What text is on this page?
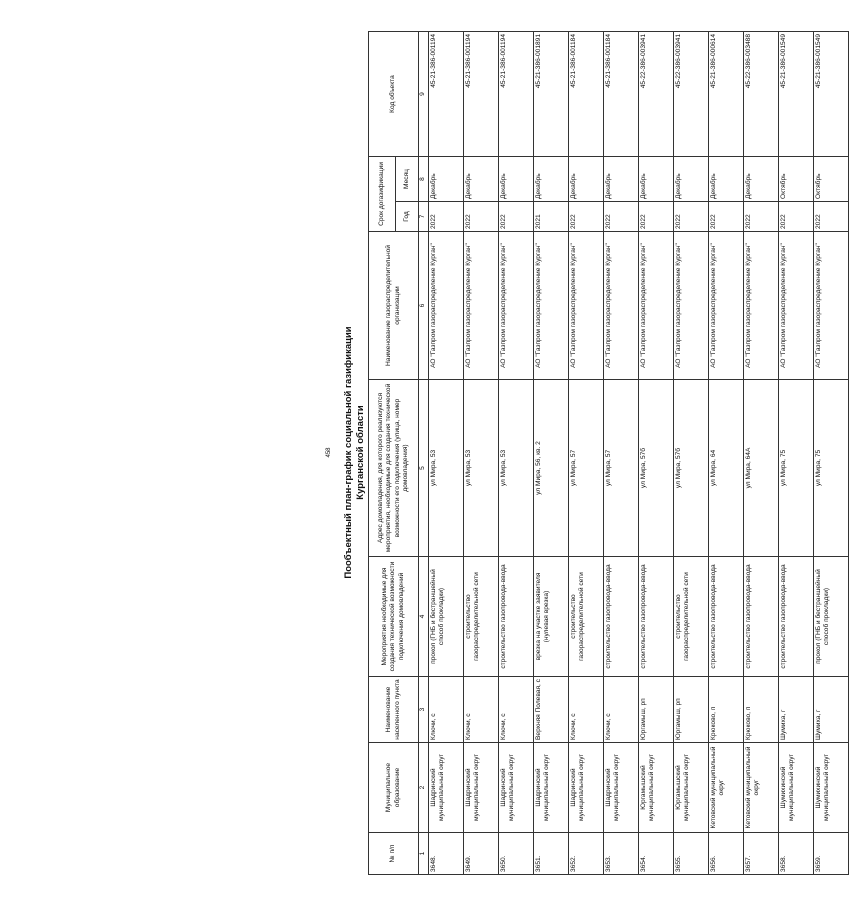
458 Пообъектный план-график социальной газификации Курганской области
№ п/п	Муниципальное образование	Наименование населенного пункта	Мероприятия необходимые для создания технической возможности подключения домовладений	Адрес домовладения, для которого реализуются мероприятия, необходимые для создания технической возможности его подключения (улица, номер домовладения)	Наименование газораспределительной организации	Срок догазификации		Код объекта
						Год	Месяц	
1	2	3	4	5	6	7	8	9
3648.	Шадринский муниципальный округ	Ключи, с	прокол (ГНБ и бестраншейный способ прокладки)	ул Мира, 53	АО "Газпром газораспределение Курган"	2022	Декабрь	45-21-386-001194
3649.	Шадринский муниципальный округ	Ключи, с	строительство газораспределительной сети	ул Мира, 53	АО "Газпром газораспределение Курган"	2022	Декабрь	45-21-386-001194
3650.	Шадринский муниципальный округ	Ключи, с	строительство газопровода-ввода	ул Мира, 53	АО "Газпром газораспределение Курган"	2022	Декабрь	45-21-386-001194
3651.	Шадринский муниципальный округ	Верхняя Полевая, с	врезка на участке заявителя (нулевая врезка)	ул Мира, 56, кв. 2	АО "Газпром газораспределение Курган"	2021	Декабрь	45-21-386-001891
3652.	Шадринский муниципальный округ	Ключи, с	строительство газораспределительной сети	ул Мира, 57	АО "Газпром газораспределение Курган"	2022	Декабрь	45-21-386-001184
3653.	Шадринский муниципальный округ	Ключи, с	строительство газопровода-ввода	ул Мира, 57	АО "Газпром газораспределение Курган"	2022	Декабрь	45-21-386-001184
3654.	Юргамышский муниципальный округ	Юргамыш, рп	строительство газопровода-ввода	ул Мира, 57б	АО "Газпром газораспределение Курган"	2022	Декабрь	45-22-386-003941
3655.	Юргамышский муниципальный округ	Юргамыш, рп	строительство газораспределительной сети	ул Мира, 57б	АО "Газпром газораспределение Курган"	2022	Декабрь	45-22-386-003941
3656.	Кетовский муниципальный округ	Крюково, п	строительство газопровода-ввода	ул Мира, 64	АО "Газпром газораспределение Курган"	2022	Декабрь	45-21-386-000614
3657.	Кетовский муниципальный округ	Крюково, п	строительство газопровода-ввода	ул Мира, 64А	АО "Газпром газораспределение Курган"	2022	Декабрь	45-22-386-003488
3658.	Шумихинский муниципальный округ	Шумиха, г	строительство газопровода-ввода	ул Мира, 75	АО "Газпром газораспределение Курган"	2022	Октябрь	45-21-386-001549
3659.	Шумихинский муниципальный округ	Шумиха, г	прокол (ГНБ и бестраншейный способ прокладки)	ул Мира, 75	АО "Газпром газораспределение Курган"	2022	Октябрь	45-21-386-001549
